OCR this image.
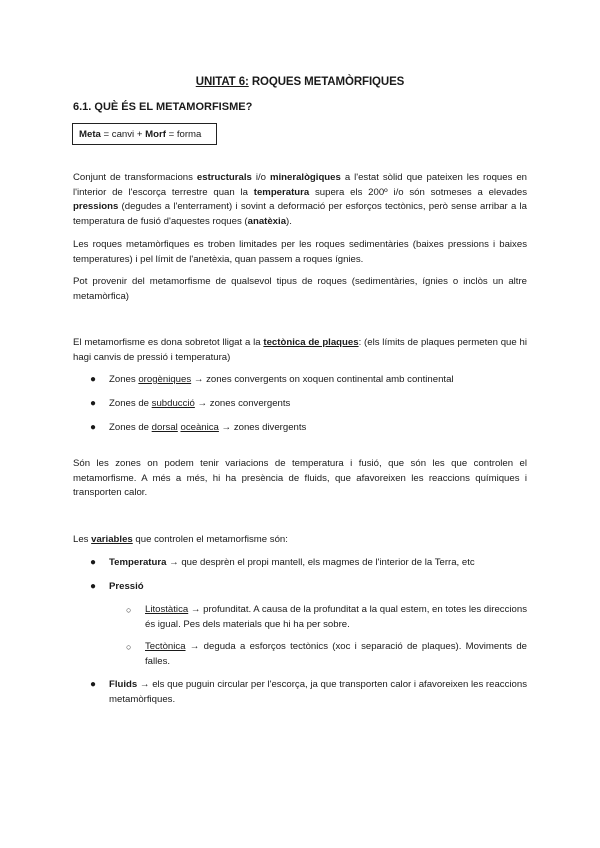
UNITAT 6: ROQUES METAMÒRFIQUES
6.1. QUÈ ÉS EL METAMORFISME?
Meta = canvi + Morf = forma
Conjunt de transformacions estructurals i/o mineralògiques a l'estat sòlid que pateixen les roques en l'interior de l'escorça terrestre quan la temperatura supera els 200º i/o són sotmeses a elevades pressions (degudes a l'enterrament) i sovint a deformació per esforços tectònics, però sense arribar a la temperatura de fusió d'aquestes roques (anatèxia).
Les roques metamòrfiques es troben limitades per les roques sedimentàries (baixes pressions i baixes temperatures) i pel límit de l'anetèxia, quan passem a roques ígnies.
Pot provenir del metamorfisme de qualsevol tipus de roques (sedimentàries, ígnies o inclòs un altre metamòrfica)
El metamorfisme es dona sobretot lligat a la tectònica de plaques: (els límits de plaques permeten que hi hagi canvis de pressió i temperatura)
● Zones orogèniques → zones convergents on xoquen continental amb continental
● Zones de subducció → zones convergents
● Zones de dorsal oceànica → zones divergents
Són les zones on podem tenir variacions de temperatura i fusió, que són les que controlen el metamorfisme. A més a més, hi ha presència de fluids, que afavoreixen les reaccions químiques i transporten calor.
Les variables que controlen el metamorfisme són:
● Temperatura → que desprèn el propi mantell, els magmes de l'interior de la Terra, etc
● Pressió
○ Litostàtica → profunditat. A causa de la profunditat a la qual estem, en totes les direccions és igual. Pes dels materials que hi ha per sobre.
○ Tectònica → deguda a esforços tectònics (xoc i separació de plaques). Moviments de falles.
● Fluids → els que puguin circular per l'escorça, ja que transporten calor i afavoreixen les reaccions metamòrfiques.
